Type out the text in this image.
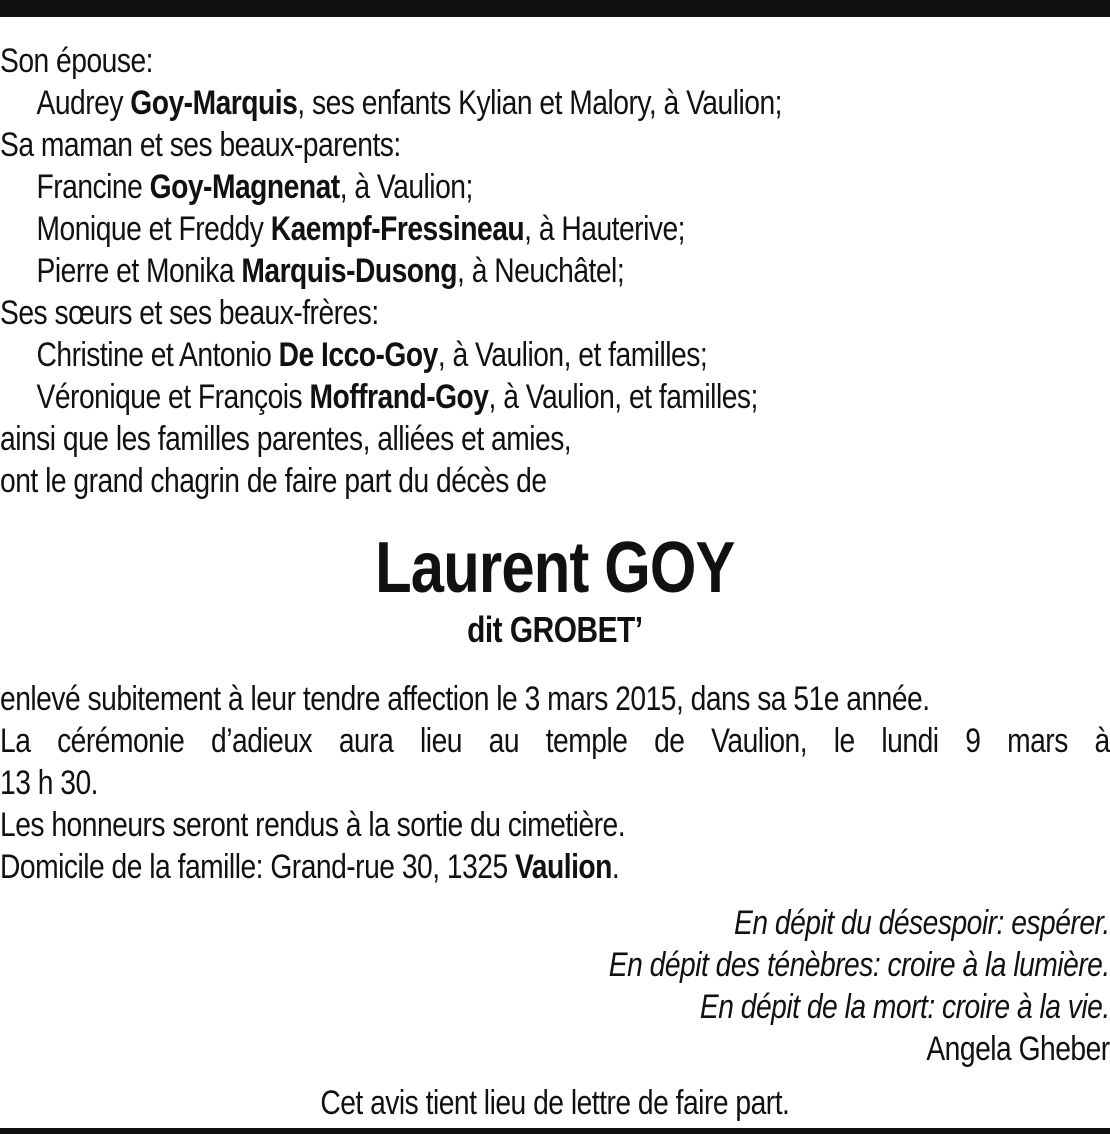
Son épouse:
Audrey Goy-Marquis, ses enfants Kylian et Malory, à Vaulion;
Sa maman et ses beaux-parents:
Francine Goy-Magnenat, à Vaulion;
Monique et Freddy Kaempf-Fressineau, à Hauterive;
Pierre et Monika Marquis-Dusong, à Neuchâtel;
Ses sœurs et ses beaux-frères:
Christine et Antonio De Icco-Goy, à Vaulion, et familles;
Véronique et François Moffrand-Goy, à Vaulion, et familles;
ainsi que les familles parentes, alliées et amies,
ont le grand chagrin de faire part du décès de
Laurent GOY
dit GROBET’
enlevé subitement à leur tendre affection le 3 mars 2015, dans sa 51e année.
La cérémonie d’adieux aura lieu au temple de Vaulion, le lundi 9 mars à
13 h 30.
Les honneurs seront rendus à la sortie du cimetière.
Domicile de la famille: Grand-rue 30, 1325 Vaulion.
En dépit du désespoir: espérer.
En dépit des ténèbres: croire à la lumière.
En dépit de la mort: croire à la vie.
Angela Gheber
Cet avis tient lieu de lettre de faire part.
